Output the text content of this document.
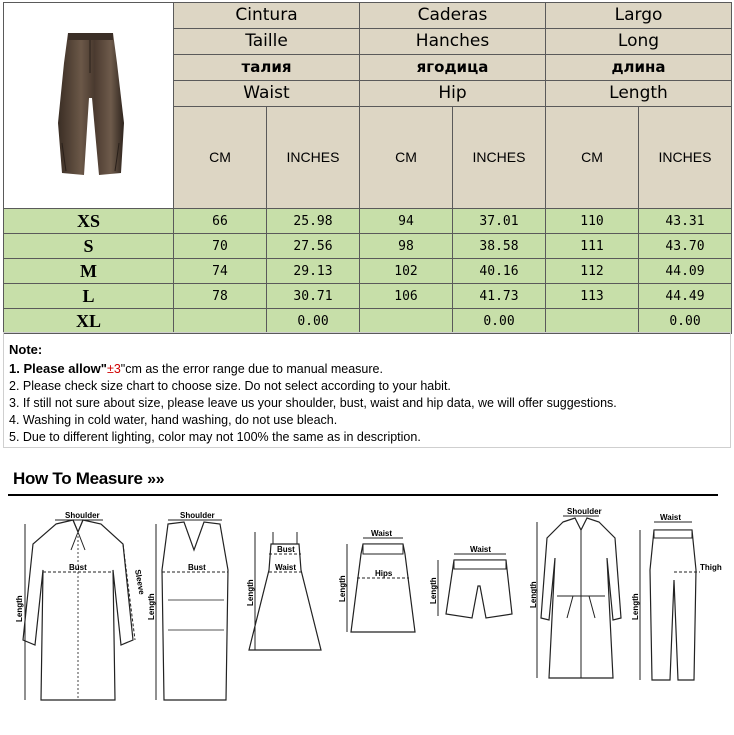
	Cintura		Caderas		Largo	
	Taille		Hanches		Long	
	талия		ягодица		длина	
	Waist		Hip		Length	
	CM	INCHES	CM	INCHES	CM	INCHES
XS	66	25.98	94	37.01	110	43.31
S	70	27.56	98	38.58	111	43.70
M	74	29.13	102	40.16	112	44.09
L	78	30.71	106	41.73	113	44.49
XL		0.00		0.00		0.00
Note:
1. Please allow"±3"cm as the error range due to manual measure.
2. Please check size chart to choose size. Do not select according to your habit.
3. If still not sure about size, please leave us your shoulder, bust, waist and hip data, we will offer suggestions.
4. Washing in cold water, hand washing, do not use bleach.
5. Due to different lighting, color may not 100% the same as in description.
How To Measure »»
Shoulder
Bust
Length
Sleeve
Shoulder
Bust
Length
Bust
Waist
Length
Waist
Hips
Length
Waist
Length
Shoulder
Length
Waist
Thigh
Length
